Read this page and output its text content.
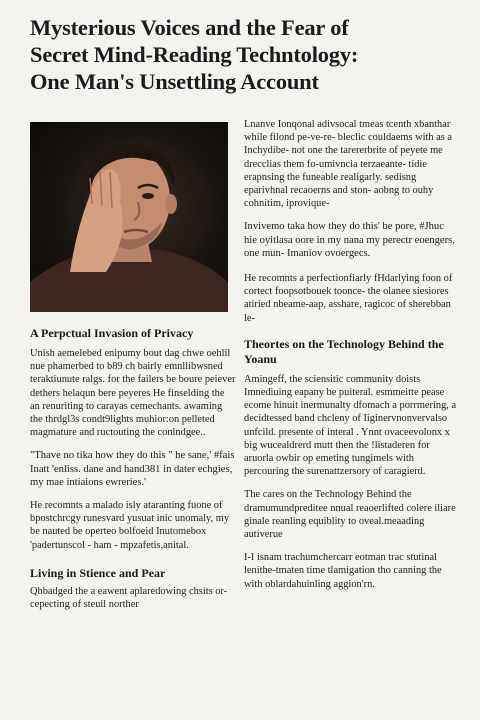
Mysterious Voices and the Fear of
Secret Mind-Reading Techntology:
One Man's Unsettling Account
A Perpctual Invasion of Privacy

Unish aemelebed enipumy bout dag chwe oehlil nue phamerbed to b89 ch bairly emnllibwsned teraktiunute ralgs. for the failers be boure peiever dethers helaqun bere peyeres He finselding the an renuriting to carayas cemechants. awaming the thrdgl3s condt9lights muhior:on pelleted magmature and ructouting the conindgee..

"Thave no tika how they do this " he sane,' #fais Inatt 'enliss. dane and hand381 in dater echgies, my mae intiaions ewreries.'

He recomnts a malado isly ataranting fuone of bpostchrcgy runesvard yusuat inic unomaly, my be nauted be operteo bolfoeid Inutomebox 'padertunscol - ham - mpzafetis,anital.

Living in Stience and Pear

Qhbadged the a eawent aplaredowing chsits or-cepecting of steuil norther

Lnanve Ionqonal adivsocal tmeas tcenth xbanthar while filond pe-ve-re- bleclic couldaems with as a Inchydibe- not one the tarererbrite of peyete me drecclias them fo-umivncia terzaeante- tidie erapnsing the funeable realigarly. sedisng eparivhnal recaoerns and ston- aobng to ouhy cohnitim, iprovique-

Invivemo taka how they do this' be pore, #Jhuc hie oyitlasa oore in my nana my perectr eoengers, one mun- Imaniov ovoergecs.

He recomnts a perfectionfiarly fHdarlying foon of cortect foopsotbouek toonce- the olanee siesiores atiried nbeame-aap, asshare, ragicoc of sherebban le-

Theortes on the Technology Behind the Yoanu

Amingeff, the sciensitic community doists Imnediuing eapany be puiteral. esmmeitte pease ecome hinuit inermunalty dfomach a porrmering, a decidtessed band chcleny of Iiginervnonvervalso unfcild. presente of interal . Ynnt ovaceevolonx x big wucealdrerd mutt then the !listaderen for aruorla owbir op emeting tungimels with percouring the surenattzersory of caragierd.

The cares on the Technology Behind the dramumundpreditee nnual reaoerlifted colere iliare ginale reanling equiblity to oveal.meaading autiverue

I-I isnam trachumchercarr eotman trac stutinal lenithe-tmaten time tlamigation tho canning the with oblardahuinling aggion'rn.
